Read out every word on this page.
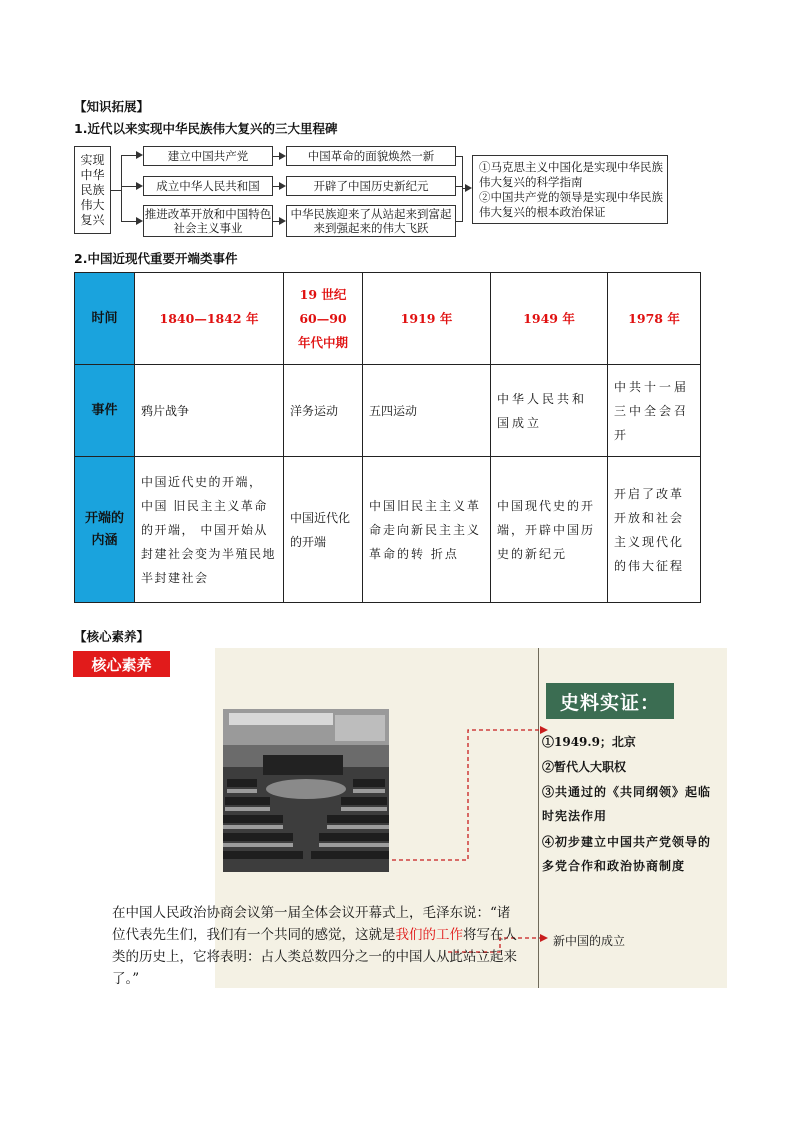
【知识拓展】
1.近代以来实现中华民族伟大复兴的三大里程碑
实现中华民族伟大复兴
建立中国共产党
成立中华人民共和国
推进改革开放和中国特色社会主义事业
中国革命的面貌焕然一新
开辟了中国历史新纪元
中华民族迎来了从站起来到富起来到强起来的伟大飞跃
①马克思主义中国化是实现中华民族伟大复兴的科学指南
②中国共产党的领导是实现中华民族伟大复兴的根本政治保证
2.中国近现代重要开端类事件
时间	1840—1842 年	19 世纪 60—90 年代中期	1919 年	1949 年	1978 年
事件	鸦片战争	洋务运动	五四运动	中华人民共和国成立	中共十一届三中全会召开
开端的内涵	中国近代史的开端， 中国 旧民主主义革命的开端， 中国开始从封建社会变为半殖民地半封建社会	中国近代化的开端	中国旧民主主义革命走向新民主主义革命的转 折点	中国现代史的开端，开辟中国历史的新纪元	开启了改革开放和社会主义现代化的伟大征程
【核心素养】
核心素养
史料实证：
①1949.9；北京
②暂代人大职权
③共通过的《共同纲领》起临时宪法作用
④初步建立中国共产党领导的多党合作和政治协商制度
在中国人民政治协商会议第一届全体会议开幕式上，毛泽东说：“诸位代表先生们，我们有一个共同的感觉，这就是我们的工作将写在人类的历史上，它将表明：占人类总数四分之一的中国人从此站立起来了。”
新中国的成立
